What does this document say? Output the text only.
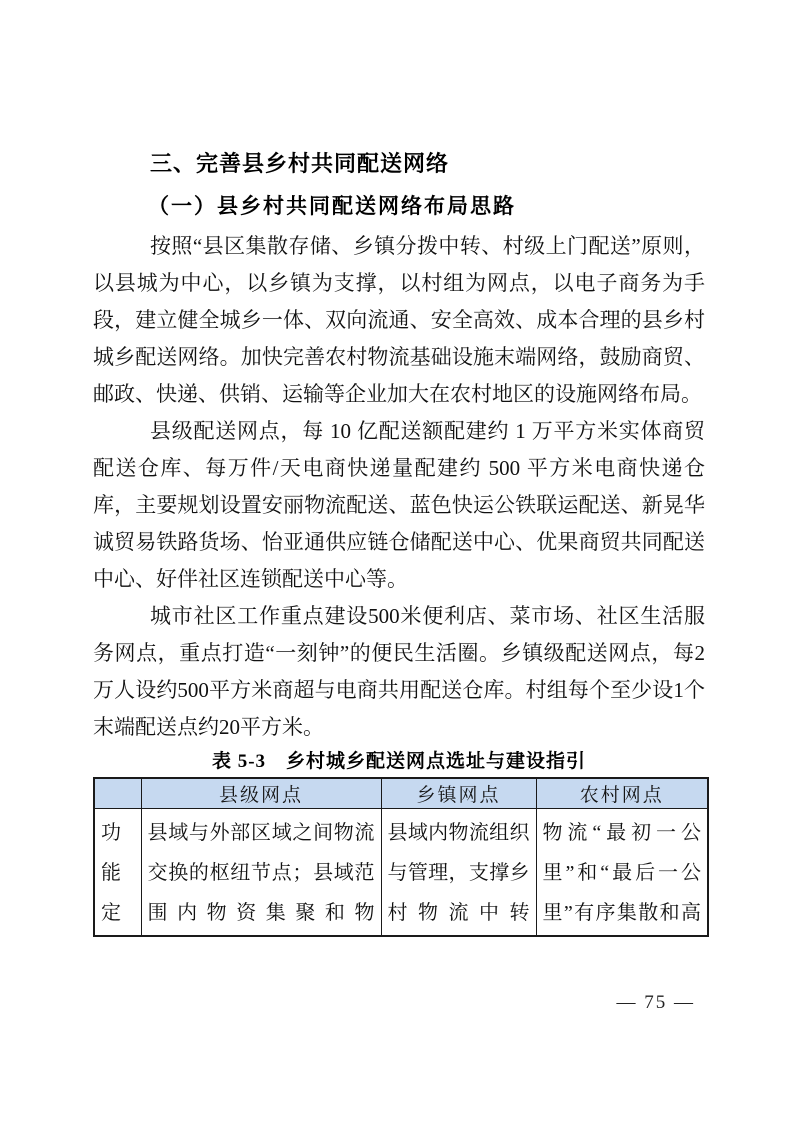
三、完善县乡村共同配送网络
（一）县乡村共同配送网络布局思路

按照“县区集散存储、乡镇分拨中转、村级上门配送”原则，以县城为中心，以乡镇为支撑，以村组为网点，以电子商务为手段，建立健全城乡一体、双向流通、安全高效、成本合理的县乡村城乡配送网络。加快完善农村物流基础设施末端网络，鼓励商贸、邮政、快递、供销、运输等企业加大在农村地区的设施网络布局。

县级配送网点，每 10 亿配送额配建约 1 万平方米实体商贸配送仓库、每万件/天电商快递量配建约 500 平方米电商快递仓库，主要规划设置安丽物流配送、蓝色快运公铁联运配送、新晃华诚贸易铁路货场、怡亚通供应链仓储配送中心、优果商贸共同配送中心、好伴社区连锁配送中心等。

城市社区工作重点建设500米便利店、菜市场、社区生活服务网点，重点打造“一刻钟”的便民生活圈。乡镇级配送网点，每2万人设约500平方米商超与电商共用配送仓库。村组每个至少设1个末端配送点约20平方米。

表 5-3　乡村城乡配送网点选址与建设指引
	县级网点	乡镇网点	农村网点
功能定	县域与外部区域之间物流交换的枢纽节点；县域范围内物资集聚和物	县域内物流组织与管理，支撑乡村物流中转	物流“最初一公里”和“最后一公里”有序集散和高
— 75 —
